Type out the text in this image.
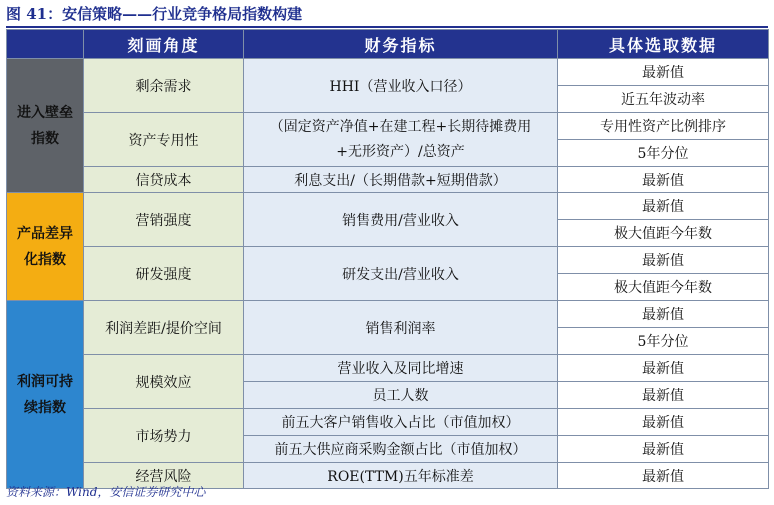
图 41：安信策略——行业竞争格局指数构建
	刻画角度	财务指标	具体选取数据

进入壁垒
指数	剩余需求	HHI（营业收入口径）	最新值
			近五年波动率
	资产专用性	（固定资产净值+在建工程+长期待摊费用
+无形资产）/总资产	专用性资产比例排序
			5年分位
	信贷成本	利息支出/（长期借款+短期借款）	最新值

产品差异
化指数	营销强度	销售费用/营业收入	最新值
			极大值距今年数
	研发强度	研发支出/营业收入	最新值
			极大值距今年数

利润可持
续指数	利润差距/提价空间	销售利润率	最新值
			5年分位
	规模效应	营业收入及同比增速	最新值
		员工人数	最新值
	市场势力	前五大客户销售收入占比（市值加权）	最新值
		前五大供应商采购金额占比（市值加权）	最新值
	经营风险	ROE(TTM)五年标准差	最新值
资料来源：Wind，安信证券研究中心
